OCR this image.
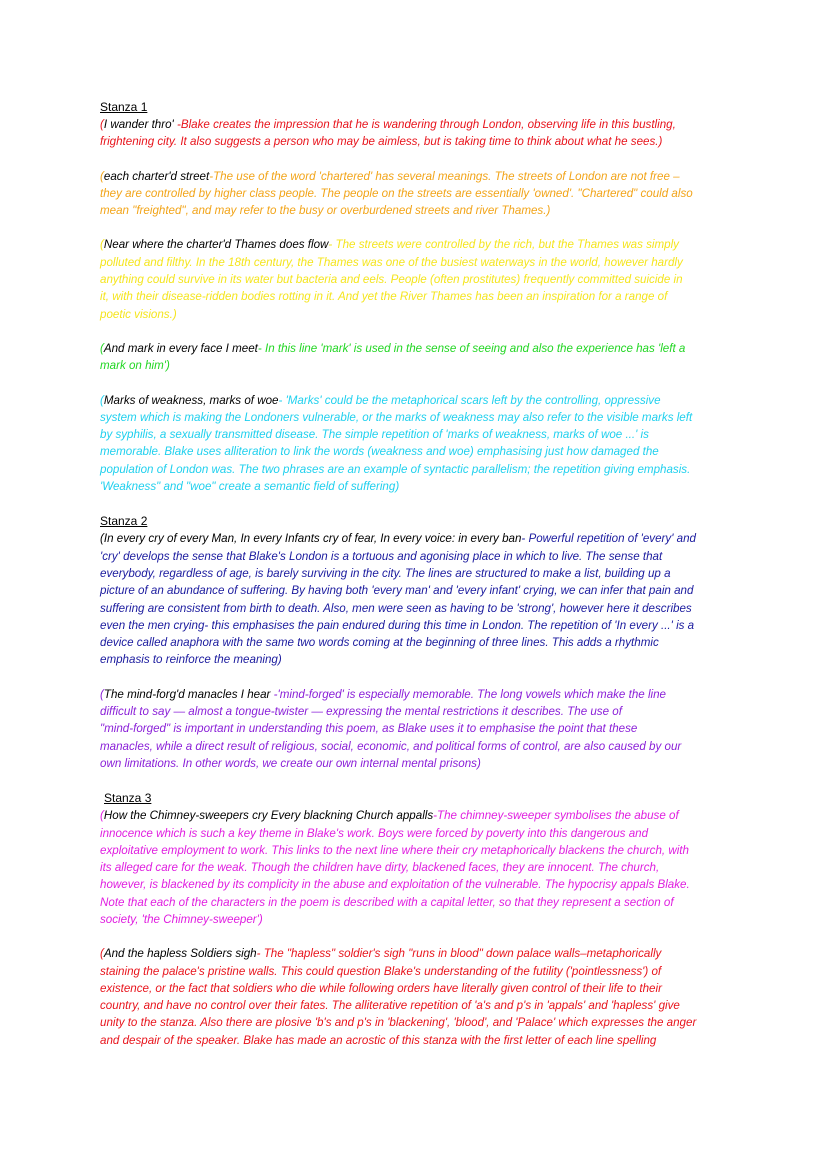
Stanza 1

(I wander thro' -Blake creates the impression that he is wandering through London, observing life in this bustling,
frightening city. It also suggests a person who may be aimless, but is taking time to think about what he sees.)

(each charter'd street-The use of the word 'chartered' has several meanings. The streets of London are not free –
they are controlled by higher class people. The people on the streets are essentially 'owned'. "Chartered" could also
mean "freighted", and may refer to the busy or overburdened streets and river Thames.)

(Near where the charter'd Thames does flow- The streets were controlled by the rich, but the Thames was simply
polluted and filthy. In the 18th century, the Thames was one of the busiest waterways in the world, however hardly
anything could survive in its water but bacteria and eels. People (often prostitutes) frequently committed suicide in
it, with their disease-ridden bodies rotting in it. And yet the River Thames has been an inspiration for a range of
poetic visions.)

(And mark in every face I meet- In this line 'mark' is used in the sense of seeing and also the experience has 'left a
mark on him')

(Marks of weakness, marks of woe- 'Marks' could be the metaphorical scars left by the controlling, oppressive
system which is making the Londoners vulnerable, or the marks of weakness may also refer to the visible marks left
by syphilis, a sexually transmitted disease. The simple repetition of 'marks of weakness, marks of woe ...' is
memorable. Blake uses alliteration to link the words (weakness and woe) emphasising just how damaged the
population of London was. The two phrases are an example of syntactic parallelism; the repetition giving emphasis.
'Weakness" and "woe" create a semantic field of suffering)

Stanza 2

(In every cry of every Man, In every Infants cry of fear, In every voice: in every ban- Powerful repetition of 'every' and
'cry' develops the sense that Blake's London is a tortuous and agonising place in which to live. The sense that
everybody, regardless of age, is barely surviving in the city. The lines are structured to make a list, building up a
picture of an abundance of suffering. By having both 'every man' and 'every infant' crying, we can infer that pain and
suffering are consistent from birth to death. Also, men were seen as having to be 'strong', however here it describes
even the men crying- this emphasises the pain endured during this time in London. The repetition of 'In every ...' is a
device called anaphora with the same two words coming at the beginning of three lines. This adds a rhythmic
emphasis to reinforce the meaning)

(The mind-forg'd manacles I hear -'mind-forged' is especially memorable. The long vowels which make the line
difficult to say — almost a tongue-twister — expressing the mental restrictions it describes. The use of
"mind-forged" is important in understanding this poem, as Blake uses it to emphasise the point that these
manacles, while a direct result of religious, social, economic, and political forms of control, are also caused by our
own limitations. In other words, we create our own internal mental prisons)

Stanza 3

(How the Chimney-sweepers cry Every blackning Church appalls-The chimney-sweeper symbolises the abuse of
innocence which is such a key theme in Blake's work. Boys were forced by poverty into this dangerous and
exploitative employment to work. This links to the next line where their cry metaphorically blackens the church, with
its alleged care for the weak. Though the children have dirty, blackened faces, they are innocent. The church,
however, is blackened by its complicity in the abuse and exploitation of the vulnerable. The hypocrisy appals Blake.
Note that each of the characters in the poem is described with a capital letter, so that they represent a section of
society, 'the Chimney-sweeper')

(And the hapless Soldiers sigh- The "hapless" soldier's sigh "runs in blood" down palace walls–metaphorically
staining the palace's pristine walls. This could question Blake's understanding of the futility ('pointlessness') of
existence, or the fact that soldiers who die while following orders have literally given control of their life to their
country, and have no control over their fates. The alliterative repetition of 'a's and p's in 'appals' and 'hapless' give
unity to the stanza. Also there are plosive 'b's and p's in 'blackening', 'blood', and 'Palace' which expresses the anger
and despair of the speaker. Blake has made an acrostic of this stanza with the first letter of each line spelling
